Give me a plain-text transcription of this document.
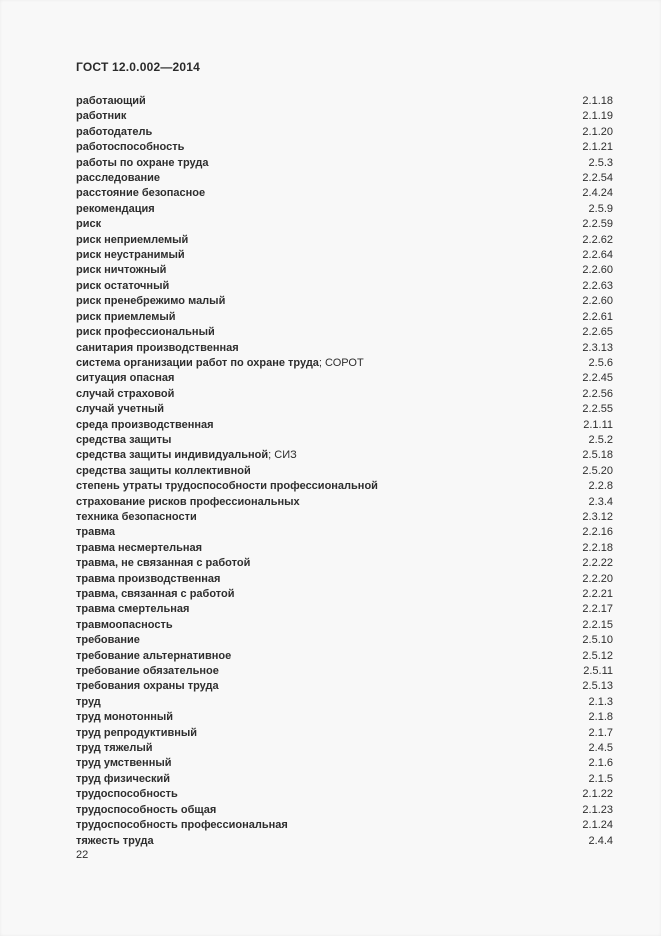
ГОСТ 12.0.002—2014
работающий	2.1.18
работник	2.1.19
работодатель	2.1.20
работоспособность	2.1.21
работы по охране труда	2.5.3
расследование	2.2.54
расстояние безопасное	2.4.24
рекомендация	2.5.9
риск	2.2.59
риск неприемлемый	2.2.62
риск неустранимый	2.2.64
риск ничтожный	2.2.60
риск остаточный	2.2.63
риск пренебрежимо малый	2.2.60
риск приемлемый	2.2.61
риск профессиональный	2.2.65
санитария производственная	2.3.13
система организации работ по охране труда; СОРОТ	2.5.6
ситуация опасная	2.2.45
случай страховой	2.2.56
случай учетный	2.2.55
среда производственная	2.1.11
средства защиты	2.5.2
средства защиты индивидуальной; СИЗ	2.5.18
средства защиты коллективной	2.5.20
степень утраты трудоспособности профессиональной	2.2.8
страхование рисков профессиональных	2.3.4
техника безопасности	2.3.12
травма	2.2.16
травма несмертельная	2.2.18
травма, не связанная с работой	2.2.22
травма производственная	2.2.20
травма, связанная с работой	2.2.21
травма смертельная	2.2.17
травмоопасность	2.2.15
требование	2.5.10
требование альтернативное	2.5.12
требование обязательное	2.5.11
требования охраны труда	2.5.13
труд	2.1.3
труд монотонный	2.1.8
труд репродуктивный	2.1.7
труд тяжелый	2.4.5
труд умственный	2.1.6
труд физический	2.1.5
трудоспособность	2.1.22
трудоспособность общая	2.1.23
трудоспособность профессиональная	2.1.24
тяжесть труда	2.4.4
22
